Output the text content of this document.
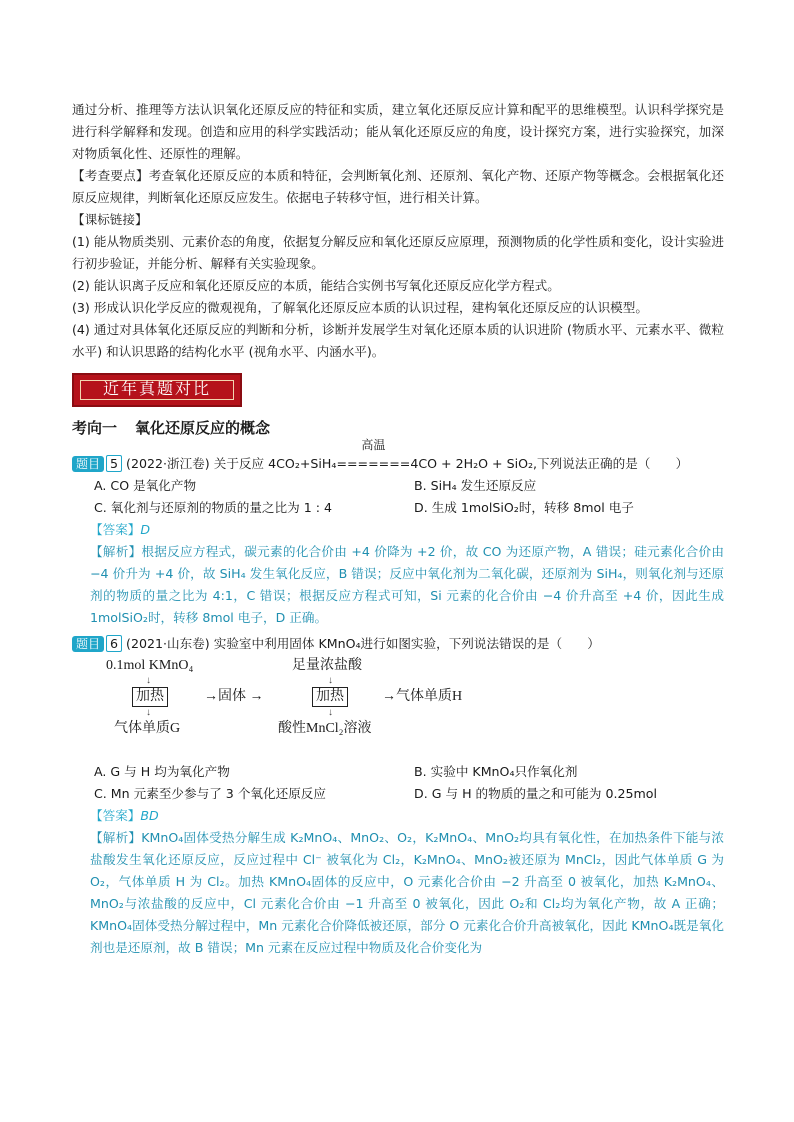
通过分析、推理等方法认识氧化还原反应的特征和实质，建立氧化还原反应计算和配平的思维模型。认识科学探究是进行科学解释和发现。创造和应用的科学实践活动；能从氧化还原反应的角度，设计探究方案，进行实验探究，加深对物质氧化性、还原性的理解。

【考查要点】考查氧化还原反应的本质和特征，会判断氧化剂、还原剂、氧化产物、还原产物等概念。会根据氧化还原反应规律，判断氧化还原反应发生。依据电子转移守恒，进行相关计算。

【课标链接】

(1) 能从物质类别、元素价态的角度，依据复分解反应和氧化还原反应原理，预测物质的化学性质和变化，设计实验进行初步验证，并能分析、解释有关实验现象。

(2) 能认识离子反应和氧化还原反应的本质，能结合实例书写氧化还原反应化学方程式。

(3) 形成认识化学反应的微观视角，了解氧化还原反应本质的认识过程，建构氧化还原反应的认识模型。

(4) 通过对具体氧化还原反应的判断和分析，诊断并发展学生对氧化还原本质的认识进阶 (物质水平、元素水平、微粒水平) 和认识思路的结构化水平 (视角水平、内涵水平)。

近年真题对比
考向一 氧化还原反应的概念

题目 5 (2022·浙江卷) 关于反应 4CO₂+SiH₄
高温
=======4CO + 2H₂O + SiO₂,下列说法正确的是（　　）

A. CO 是氧化产物	B. SiH₄ 发生还原反应
C. 氧化剂与还原剂的物质的量之比为 1 : 4	D. 生成 1molSiO₂时，转移 8mol 电子

【答案】D

【解析】根据反应方程式，碳元素的化合价由 +4 价降为 +2 价，故 CO 为还原产物，A 错误；硅元素化合价由 −4 价升为 +4 价，故 SiH₄ 发生氧化反应，B 错误；反应中氧化剂为二氧化碳，还原剂为 SiH₄，则氧化剂与还原剂的物质的量之比为 4:1，C 错误；根据反应方程式可知，Si 元素的化合价由 −4 价升高至 +4 价，因此生成 1molSiO₂时，转移 8mol 电子，D 正确。

题目 6 (2021·山东卷) 实验室中利用固体 KMnO₄进行如图实验，下列说法错误的是（　　）

0.1mol KMnO₄
↓
加热
↓
气体单质G
→固体 →
足量浓盐酸
↓
加热
↓
酸性MnCl₂溶液
→气体单质H
A. G 与 H 均为氧化产物	B. 实验中 KMnO₄只作氧化剂
C. Mn 元素至少参与了 3 个氧化还原反应	D. G 与 H 的物质的量之和可能为 0.25mol

【答案】BD

【解析】KMnO₄固体受热分解生成 K₂MnO₄、MnO₂、O₂，K₂MnO₄、MnO₂均具有氧化性，在加热条件下能与浓盐酸发生氧化还原反应，反应过程中 Cl⁻ 被氧化为 Cl₂，K₂MnO₄、MnO₂被还原为 MnCl₂，因此气体单质 G 为 O₂，气体单质 H 为 Cl₂。加热 KMnO₄固体的反应中，O 元素化合价由 −2 升高至 0 被氧化，加热 K₂MnO₄、MnO₂与浓盐酸的反应中，Cl 元素化合价由 −1 升高至 0 被氧化，因此 O₂和 Cl₂均为氧化产物，故 A 正确；KMnO₄固体受热分解过程中，Mn 元素化合价降低被还原，部分 O 元素化合价升高被氧化，因此 KMnO₄既是氧化剂也是还原剂，故 B 错误；Mn 元素在反应过程中物质及化合价变化为
